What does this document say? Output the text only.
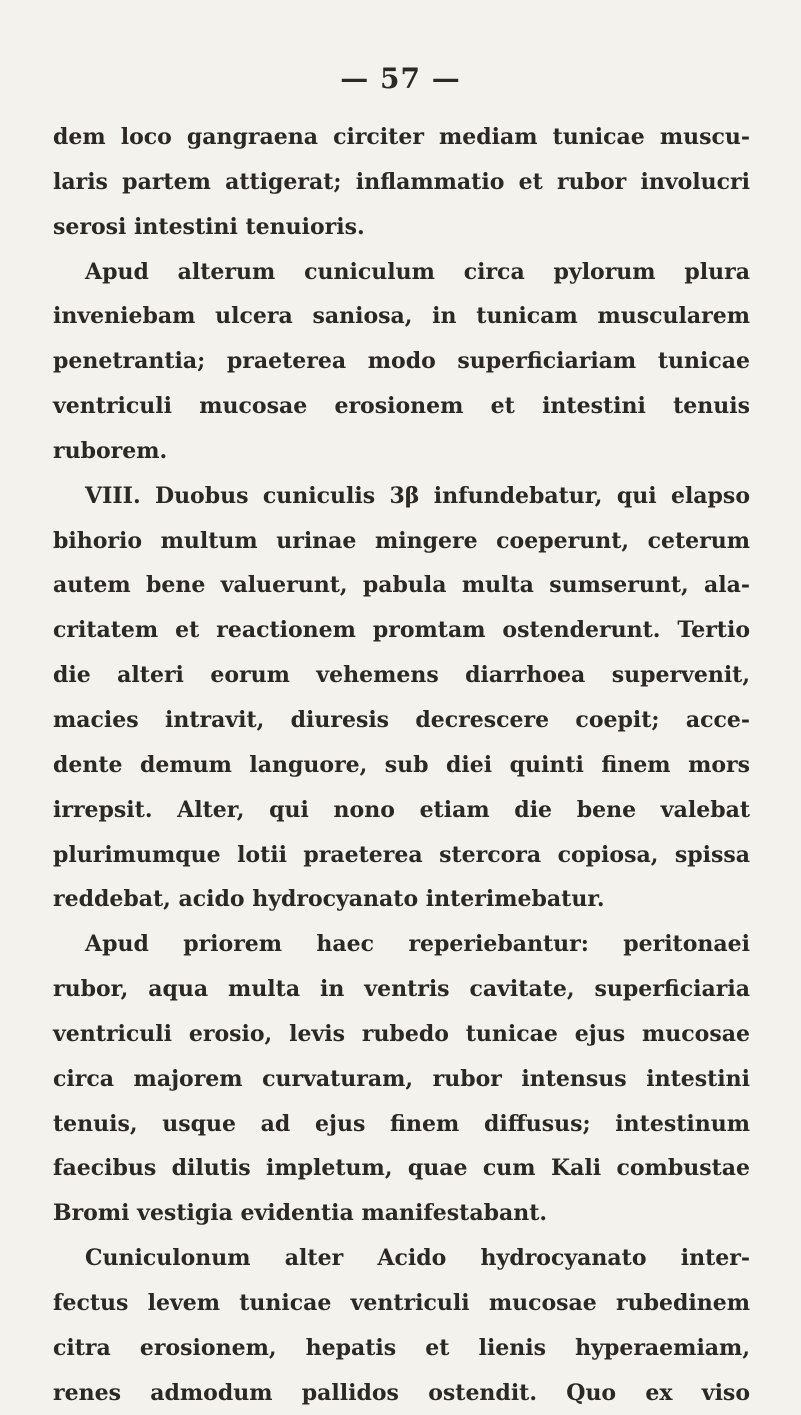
— 57 —
dem loco gangraena circiter mediam tunicae muscu-
laris partem attigerat; inflammatio et rubor involucri
serosi intestini tenuioris.
Apud alterum cuniculum circa pylorum plura
inveniebam ulcera saniosa, in tunicam muscularem
penetrantia; praeterea modo superficiariam tunicae
ventriculi mucosae erosionem et intestini tenuis
ruborem.
VIII. Duobus cuniculis 3β infundebatur, qui elapso
bihorio multum urinae mingere coeperunt, ceterum
autem bene valuerunt, pabula multa sumserunt, ala-
critatem et reactionem promtam ostenderunt. Tertio
die alteri eorum vehemens diarrhoea supervenit,
macies intravit, diuresis decrescere coepit; acce-
dente demum languore, sub diei quinti finem mors
irrepsit. Alter, qui nono etiam die bene valebat
plurimumque lotii praeterea stercora copiosa, spissa
reddebat, acido hydrocyanato interimebatur.
Apud priorem haec reperiebantur: peritonaei
rubor, aqua multa in ventris cavitate, superficiaria
ventriculi erosio, levis rubedo tunicae ejus mucosae
circa majorem curvaturam, rubor intensus intestini
tenuis, usque ad ejus finem diffusus; intestinum
faecibus dilutis impletum, quae cum Kali combustae
Bromi vestigia evidentia manifestabant.
Cuniculonum alter Acido hydrocyanato inter-
fectus levem tunicae ventriculi mucosae rubedinem
citra erosionem, hepatis et lienis hyperaemiam,
renes admodum pallidos ostendit. Quo ex viso
